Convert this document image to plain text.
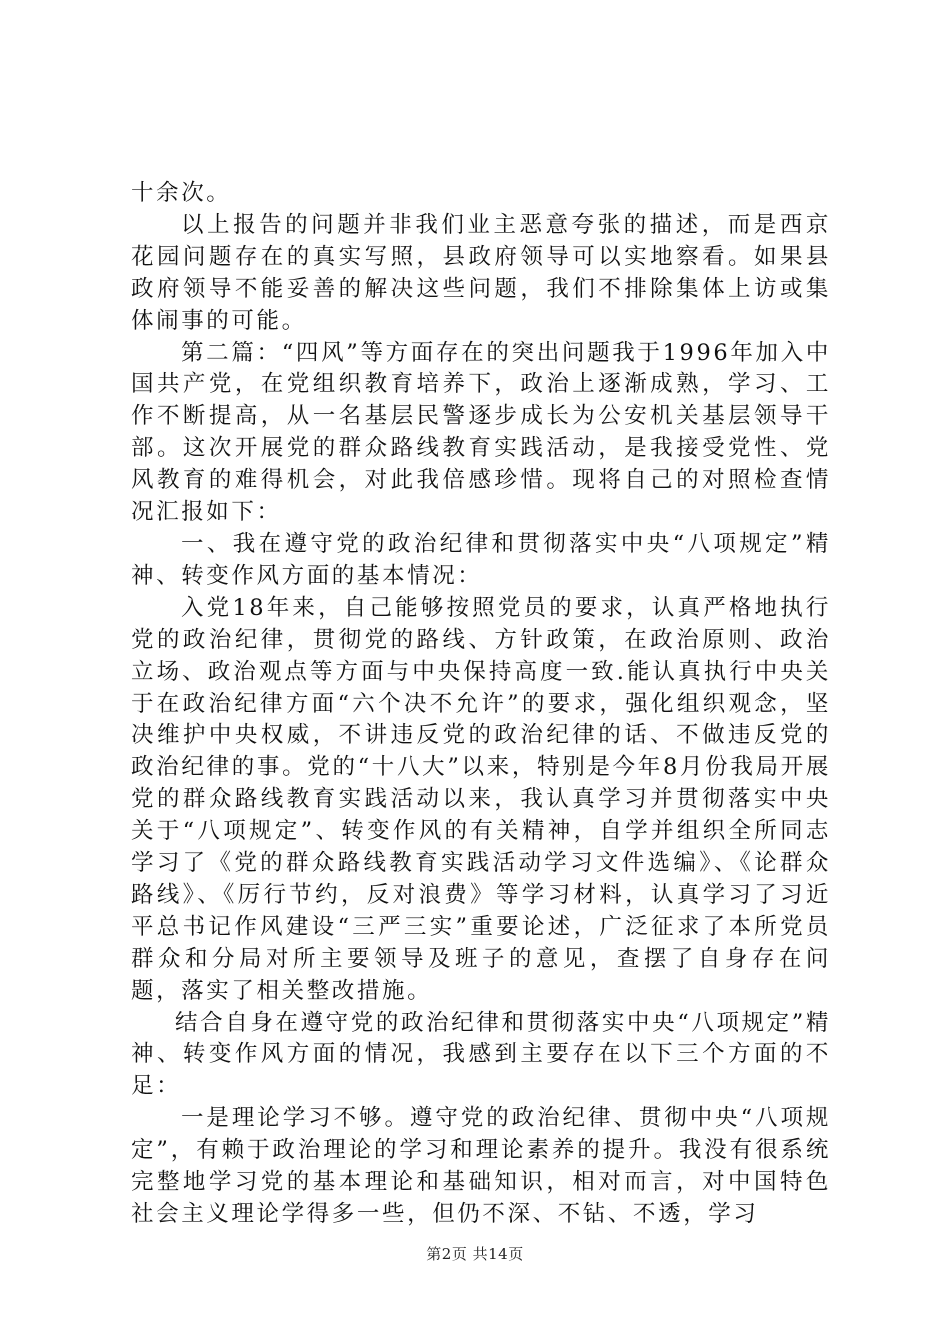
十余次。

以上报告的问题并非我们业主恶意夸张的描述，而是西京花园问题存在的真实写照，县政府领导可以实地察看。如果县政府领导不能妥善的解决这些问题，我们不排除集体上访或集体闹事的可能。

第二篇：“四风”等方面存在的突出问题我于1996年加入中国共产党，在党组织教育培养下，政治上逐渐成熟，学习、工作不断提高，从一名基层民警逐步成长为公安机关基层领导干部。这次开展党的群众路线教育实践活动，是我接受党性、党风教育的难得机会，对此我倍感珍惜。现将自己的对照检查情况汇报如下：

一、我在遵守党的政治纪律和贯彻落实中央“八项规定”精神、转变作风方面的基本情况：

入党18年来，自己能够按照党员的要求，认真严格地执行党的政治纪律，贯彻党的路线、方针政策，在政治原则、政治立场、政治观点等方面与中央保持高度一致.能认真执行中央关于在政治纪律方面“六个决不允许”的要求，强化组织观念，坚决维护中央权威，不讲违反党的政治纪律的话、不做违反党的政治纪律的事。党的“十八大”以来，特别是今年8月份我局开展党的群众路线教育实践活动以来，我认真学习并贯彻落实中央关于“八项规定”、转变作风的有关精神，自学并组织全所同志学习了《党的群众路线教育实践活动学习文件选编》、《论群众路线》、《厉行节约，反对浪费》等学习材料，认真学习了习近平总书记作风建设“三严三实”重要论述，广泛征求了本所党员群众和分局对所主要领导及班子的意见，查摆了自身存在问题，落实了相关整改措施。

结合自身在遵守党的政治纪律和贯彻落实中央“八项规定”精神、转变作风方面的情况，我感到主要存在以下三个方面的不足：

一是理论学习不够。遵守党的政治纪律、贯彻中央“八项规定”，有赖于政治理论的学习和理论素养的提升。我没有很系统完整地学习党的基本理论和基础知识，相对而言，对中国特色社会主义理论学得多一些，但仍不深、不钻、不透，学习

第2页 共14页
